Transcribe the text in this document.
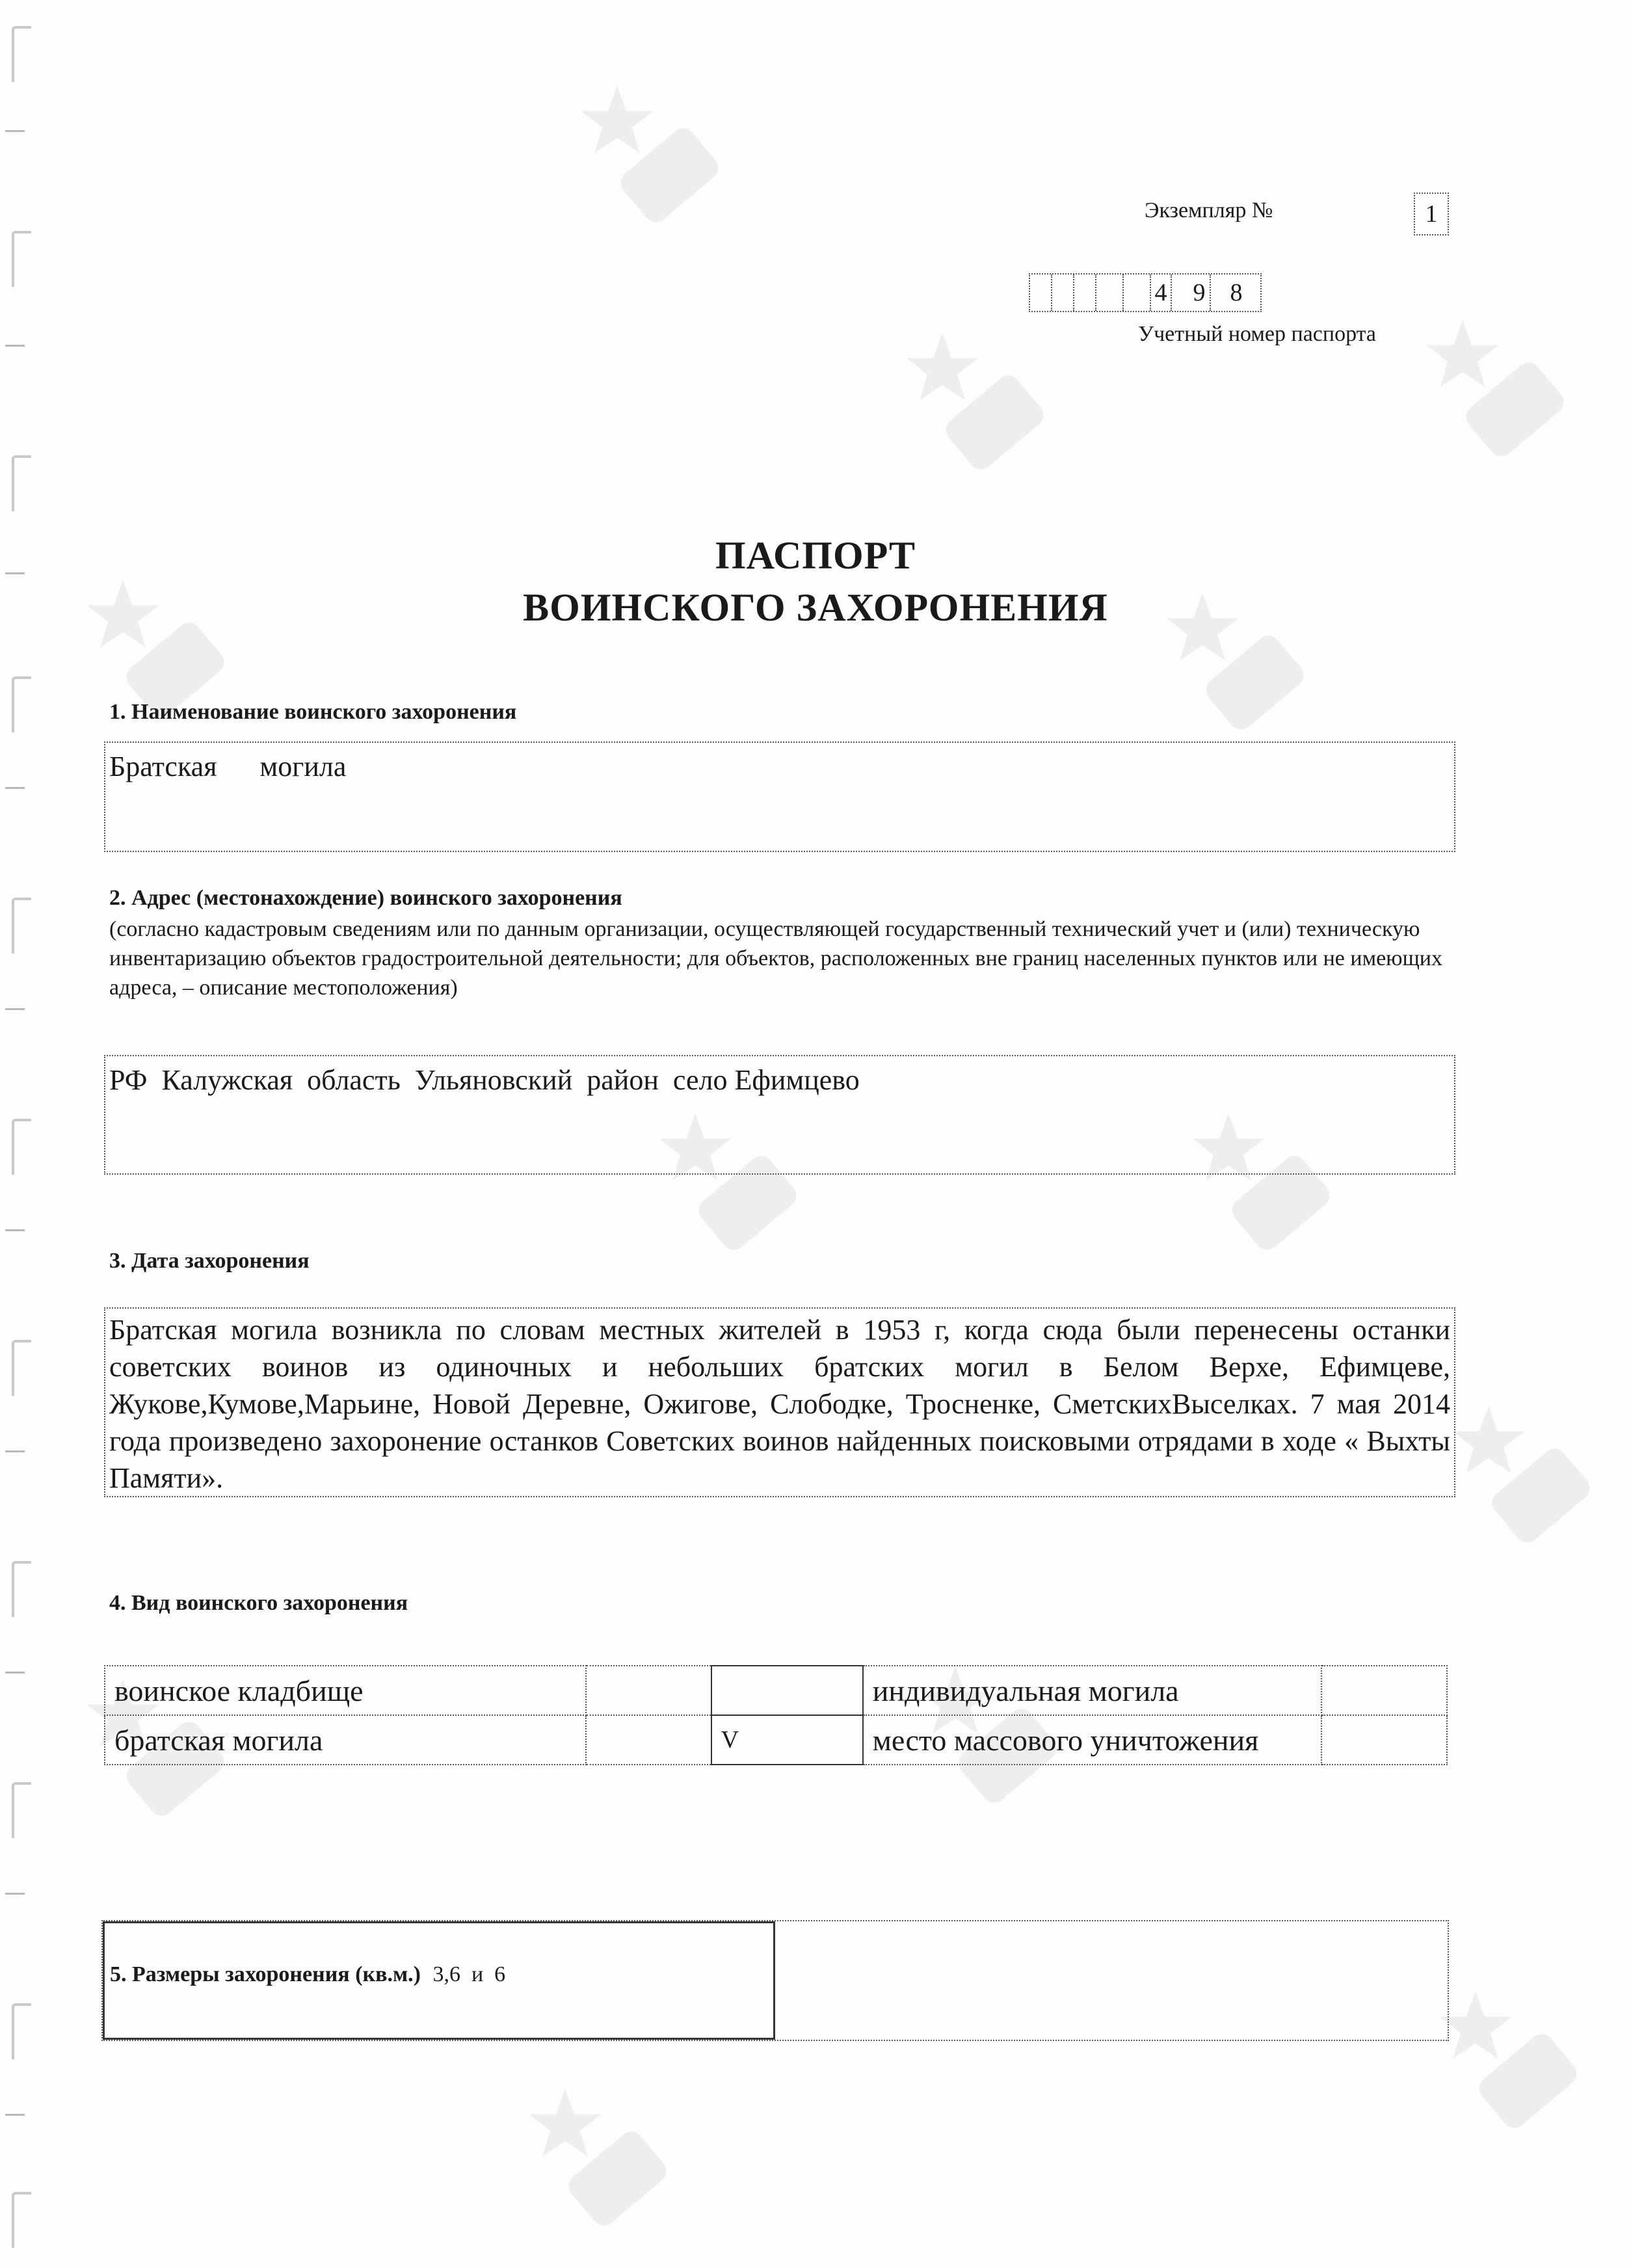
Экземпляр №	1
4 9 8
Учетный номер паспорта
ПАСПОРТ
ВОИНСКОГО ЗАХОРОНЕНИЯ
1. Наименование воинского захоронения
Братская      могила
2. Адрес (местонахождение) воинского захоронения
(согласно кадастровым сведениям или по данным организации, осуществляющей государственный технический учет и (или) техническую инвентаризацию объектов градостроительной деятельности; для объектов, расположенных вне границ населенных пунктов или не имеющих адреса, – описание местоположения)
РФ  Калужская  область  Ульяновский  район  село Ефимцево
3. Дата захоронения
Братская могила возникла по словам местных жителей в 1953 г, когда сюда были перенесены останки советских воинов из одиночных и небольших братских могил в Белом Верхе, Ефимцеве, Жукове,Кумове,Марьине, Новой Деревне, Ожигове, Слободке, Тросненке, СметскихВыселках. 7 мая 2014 года произведено захоронение останков Советских воинов найденных поисковыми отрядами в ходе « Выхты Памяти».
4. Вид воинского захоронения
воинское кладбище			индивидуальная могила	
братская могила		V	место массового уничтожения	
5. Размеры захоронения (кв.м.) 3,6  и  6
